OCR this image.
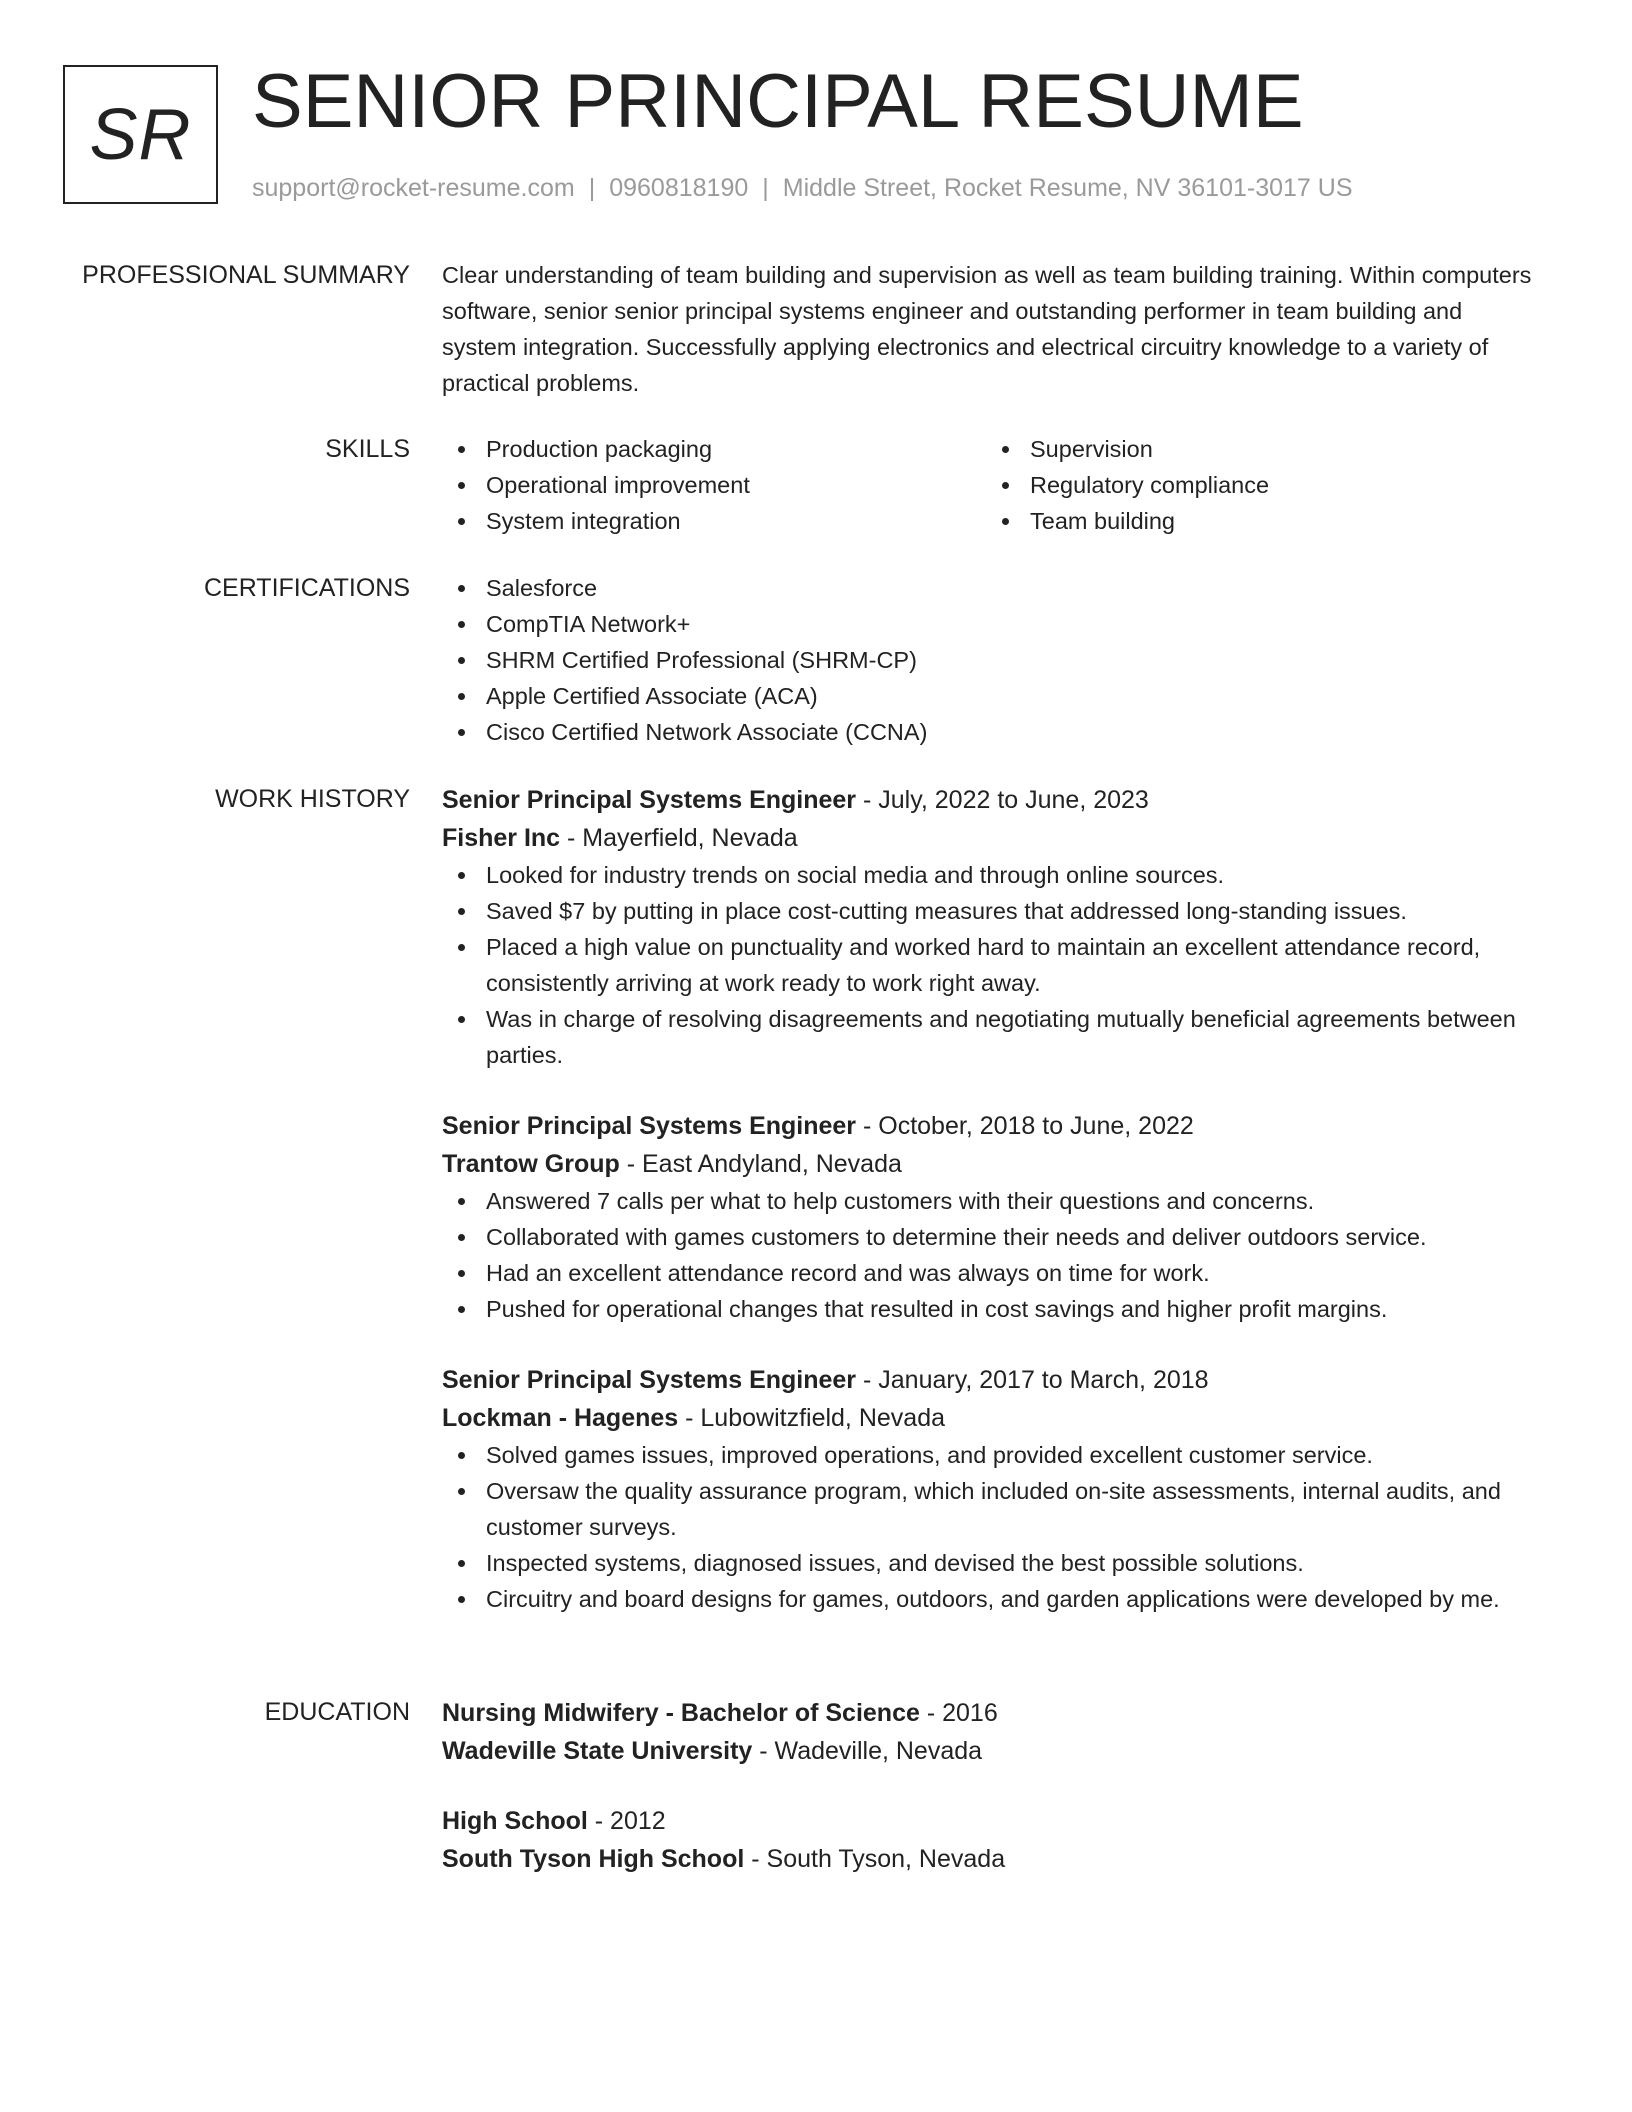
SR SENIOR PRINCIPAL RESUME
support@rocket-resume.com | 0960818190 | Middle Street, Rocket Resume, NV 36101-3017 US
PROFESSIONAL SUMMARY Clear understanding of team building and supervision as well as team building training. Within computers software, senior senior principal systems engineer and outstanding performer in team building and system integration. Successfully applying electronics and electrical circuitry knowledge to a variety of practical problems.
SKILLS	Production packaging
Operational improvement
System integration
Supervision
Regulatory compliance
Team building
CERTIFICATIONS	Salesforce
CompTIA Network+
SHRM Certified Professional (SHRM-CP)
Apple Certified Associate (ACA)
Cisco Certified Network Associate (CCNA)
WORK HISTORY Senior Principal Systems Engineer - July, 2022 to June, 2023
Fisher Inc - Mayerfield, Nevada
Looked for industry trends on social media and through online sources.
Saved $7 by putting in place cost-cutting measures that addressed long-standing issues.
Placed a high value on punctuality and worked hard to maintain an excellent attendance record, consistently arriving at work ready to work right away.
Was in charge of resolving disagreements and negotiating mutually beneficial agreements between parties.
Senior Principal Systems Engineer - October, 2018 to June, 2022
Trantow Group - East Andyland, Nevada
Answered 7 calls per what to help customers with their questions and concerns.
Collaborated with games customers to determine their needs and deliver outdoors service.
Had an excellent attendance record and was always on time for work.
Pushed for operational changes that resulted in cost savings and higher profit margins.
Senior Principal Systems Engineer - January, 2017 to March, 2018
Lockman - Hagenes - Lubowitzfield, Nevada
Solved games issues, improved operations, and provided excellent customer service.
Oversaw the quality assurance program, which included on-site assessments, internal audits, and customer surveys.
Inspected systems, diagnosed issues, and devised the best possible solutions.
Circuitry and board designs for games, outdoors, and garden applications were developed by me.
EDUCATION Nursing Midwifery - Bachelor of Science - 2016
Wadeville State University - Wadeville, Nevada
High School - 2012
South Tyson High School - South Tyson, Nevada
